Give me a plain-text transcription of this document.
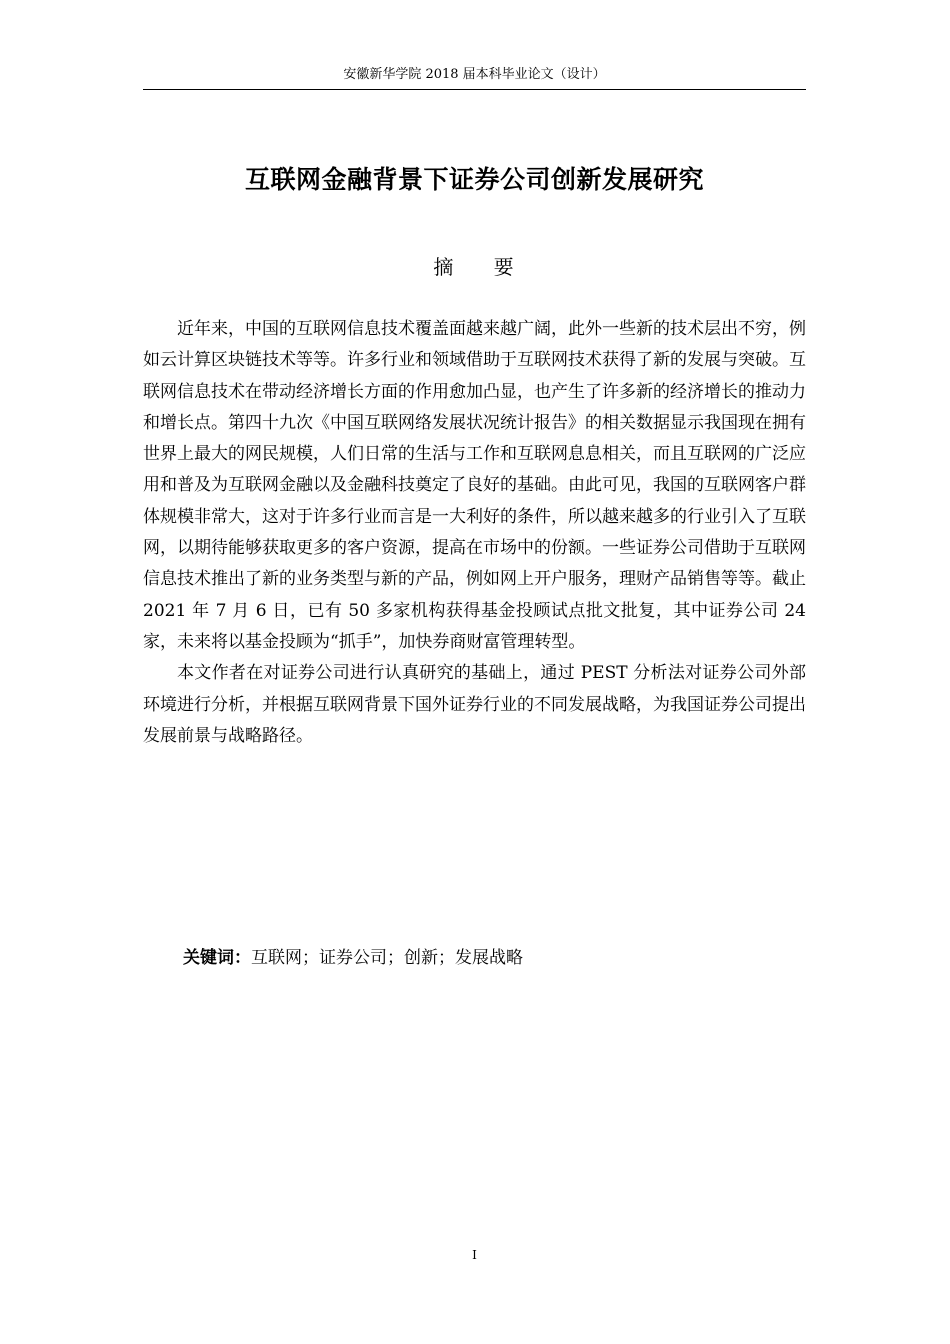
安徽新华学院 2018 届本科毕业论文（设计）
互联网金融背景下证券公司创新发展研究
摘 要

近年来，中国的互联网信息技术覆盖面越来越广阔，此外一些新的技术层出不穷，例如云计算区块链技术等等。许多行业和领域借助于互联网技术获得了新的发展与突破。互联网信息技术在带动经济增长方面的作用愈加凸显，也产生了许多新的经济增长的推动力和增长点。第四十九次《中国互联网络发展状况统计报告》的相关数据显示我国现在拥有世界上最大的网民规模，人们日常的生活与工作和互联网息息相关，而且互联网的广泛应用和普及为互联网金融以及金融科技奠定了良好的基础。由此可见，我国的互联网客户群体规模非常大，这对于许多行业而言是一大利好的条件，所以越来越多的行业引入了互联网，以期待能够获取更多的客户资源，提高在市场中的份额。一些证券公司借助于互联网信息技术推出了新的业务类型与新的产品，例如网上开户服务，理财产品销售等等。截止 2021 年 7 月 6 日，已有 50 多家机构获得基金投顾试点批文批复，其中证券公司 24 家，未来将以基金投顾为“抓手”，加快券商财富管理转型。

本文作者在对证券公司进行认真研究的基础上，通过 PEST 分析法对证券公司外部环境进行分析，并根据互联网背景下国外证券行业的不同发展战略，为我国证券公司提出发展前景与战略路径。

关键词：互联网；证券公司；创新；发展战略
I
